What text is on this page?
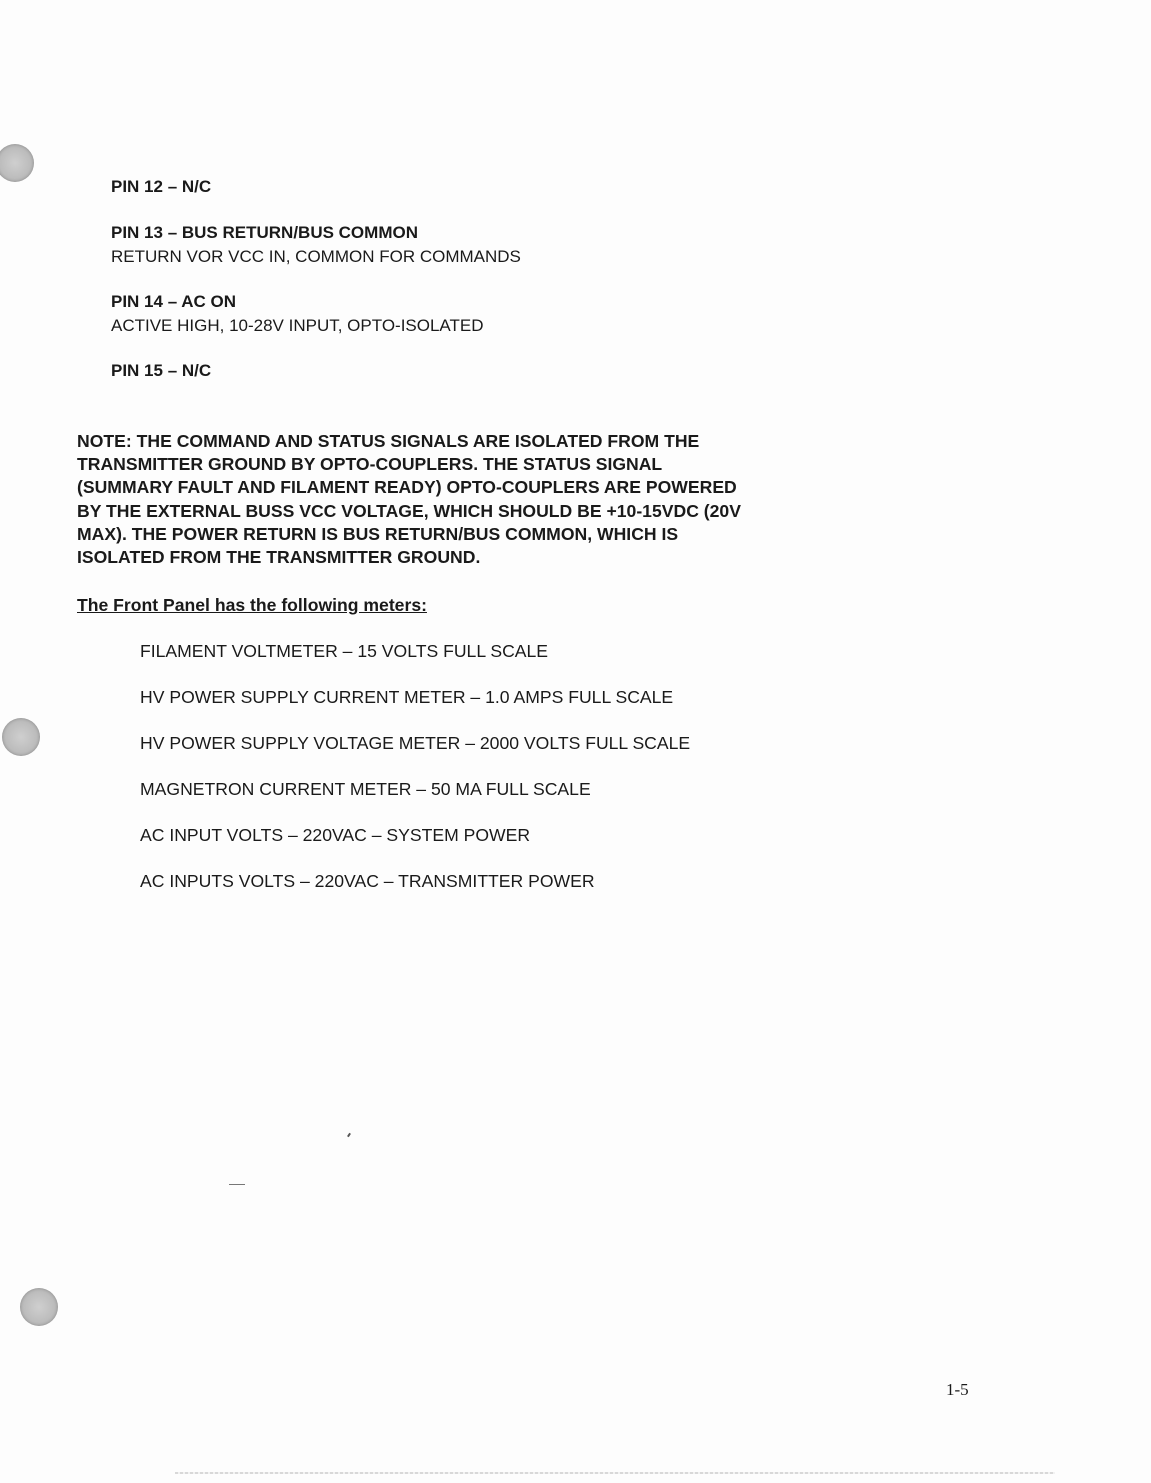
PIN 12 – N/C

PIN 13 – BUS RETURN/BUS COMMON

RETURN VOR VCC IN, COMMON FOR COMMANDS

PIN 14 – AC ON

ACTIVE HIGH, 10-28V INPUT, OPTO-ISOLATED

PIN 15 – N/C

NOTE: THE COMMAND AND STATUS SIGNALS ARE ISOLATED FROM THE
TRANSMITTER GROUND BY OPTO-COUPLERS. THE STATUS SIGNAL
(SUMMARY FAULT AND FILAMENT READY) OPTO-COUPLERS ARE POWERED
BY THE EXTERNAL BUSS VCC VOLTAGE, WHICH SHOULD BE +10-15VDC (20V
MAX). THE POWER RETURN IS BUS RETURN/BUS COMMON, WHICH IS
ISOLATED FROM THE TRANSMITTER GROUND.

The Front Panel has the following meters:

FILAMENT VOLTMETER – 15 VOLTS FULL SCALE
HV POWER SUPPLY CURRENT METER – 1.0 AMPS FULL SCALE
HV POWER SUPPLY VOLTAGE METER – 2000 VOLTS FULL SCALE
MAGNETRON CURRENT METER – 50 MA FULL SCALE
AC INPUT VOLTS – 220VAC – SYSTEM POWER
AC INPUTS VOLTS – 220VAC – TRANSMITTER POWER
1-5
